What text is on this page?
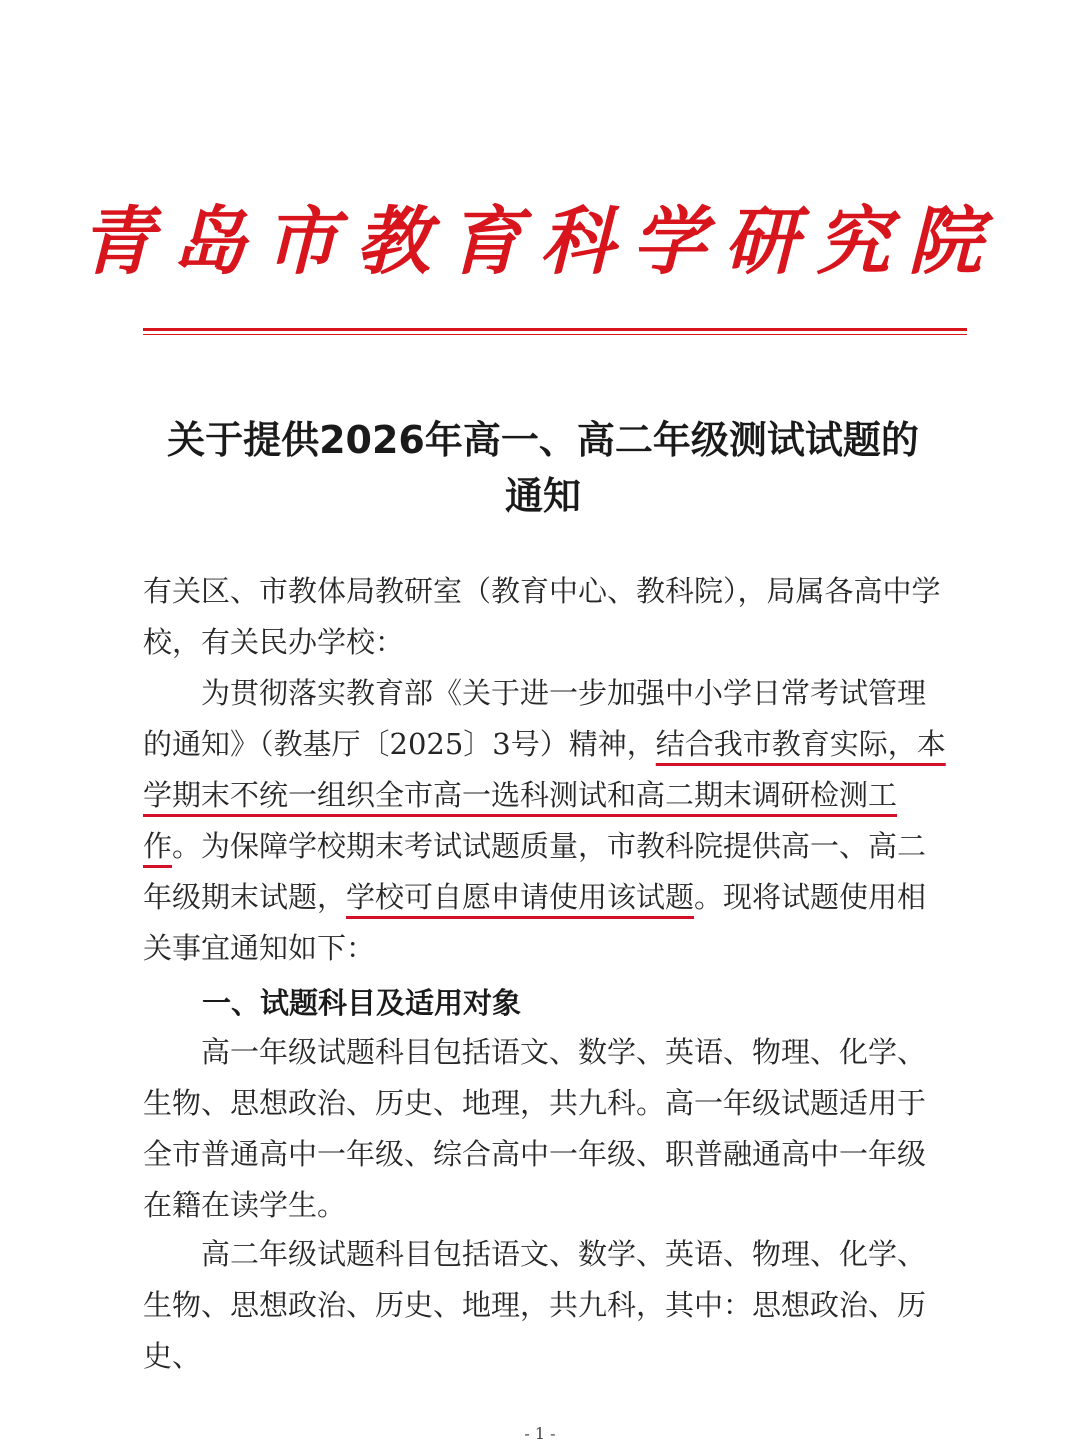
青岛市教育科学研究院
关于提供2026年高一、高二年级测试试题的
通知

有关区、市教体局教研室（教育中心、教科院），局属各高中学校，有关民办学校：

为贯彻落实教育部《关于进一步加强中小学日常考试管理的通知》（教基厅〔2025〕3号）精神，结合我市教育实际，本学期末不统一组织全市高一选科测试和高二期末调研检测工作。为保障学校期末考试试题质量，市教科院提供高一、高二年级期末试题，学校可自愿申请使用该试题。现将试题使用相关事宜通知如下：

一、试题科目及适用对象

高一年级试题科目包括语文、数学、英语、物理、化学、生物、思想政治、历史、地理，共九科。高一年级试题适用于全市普通高中一年级、综合高中一年级、职普融通高中一年级在籍在读学生。

高二年级试题科目包括语文、数学、英语、物理、化学、生物、思想政治、历史、地理，共九科，其中：思想政治、历史、

- 1 -
